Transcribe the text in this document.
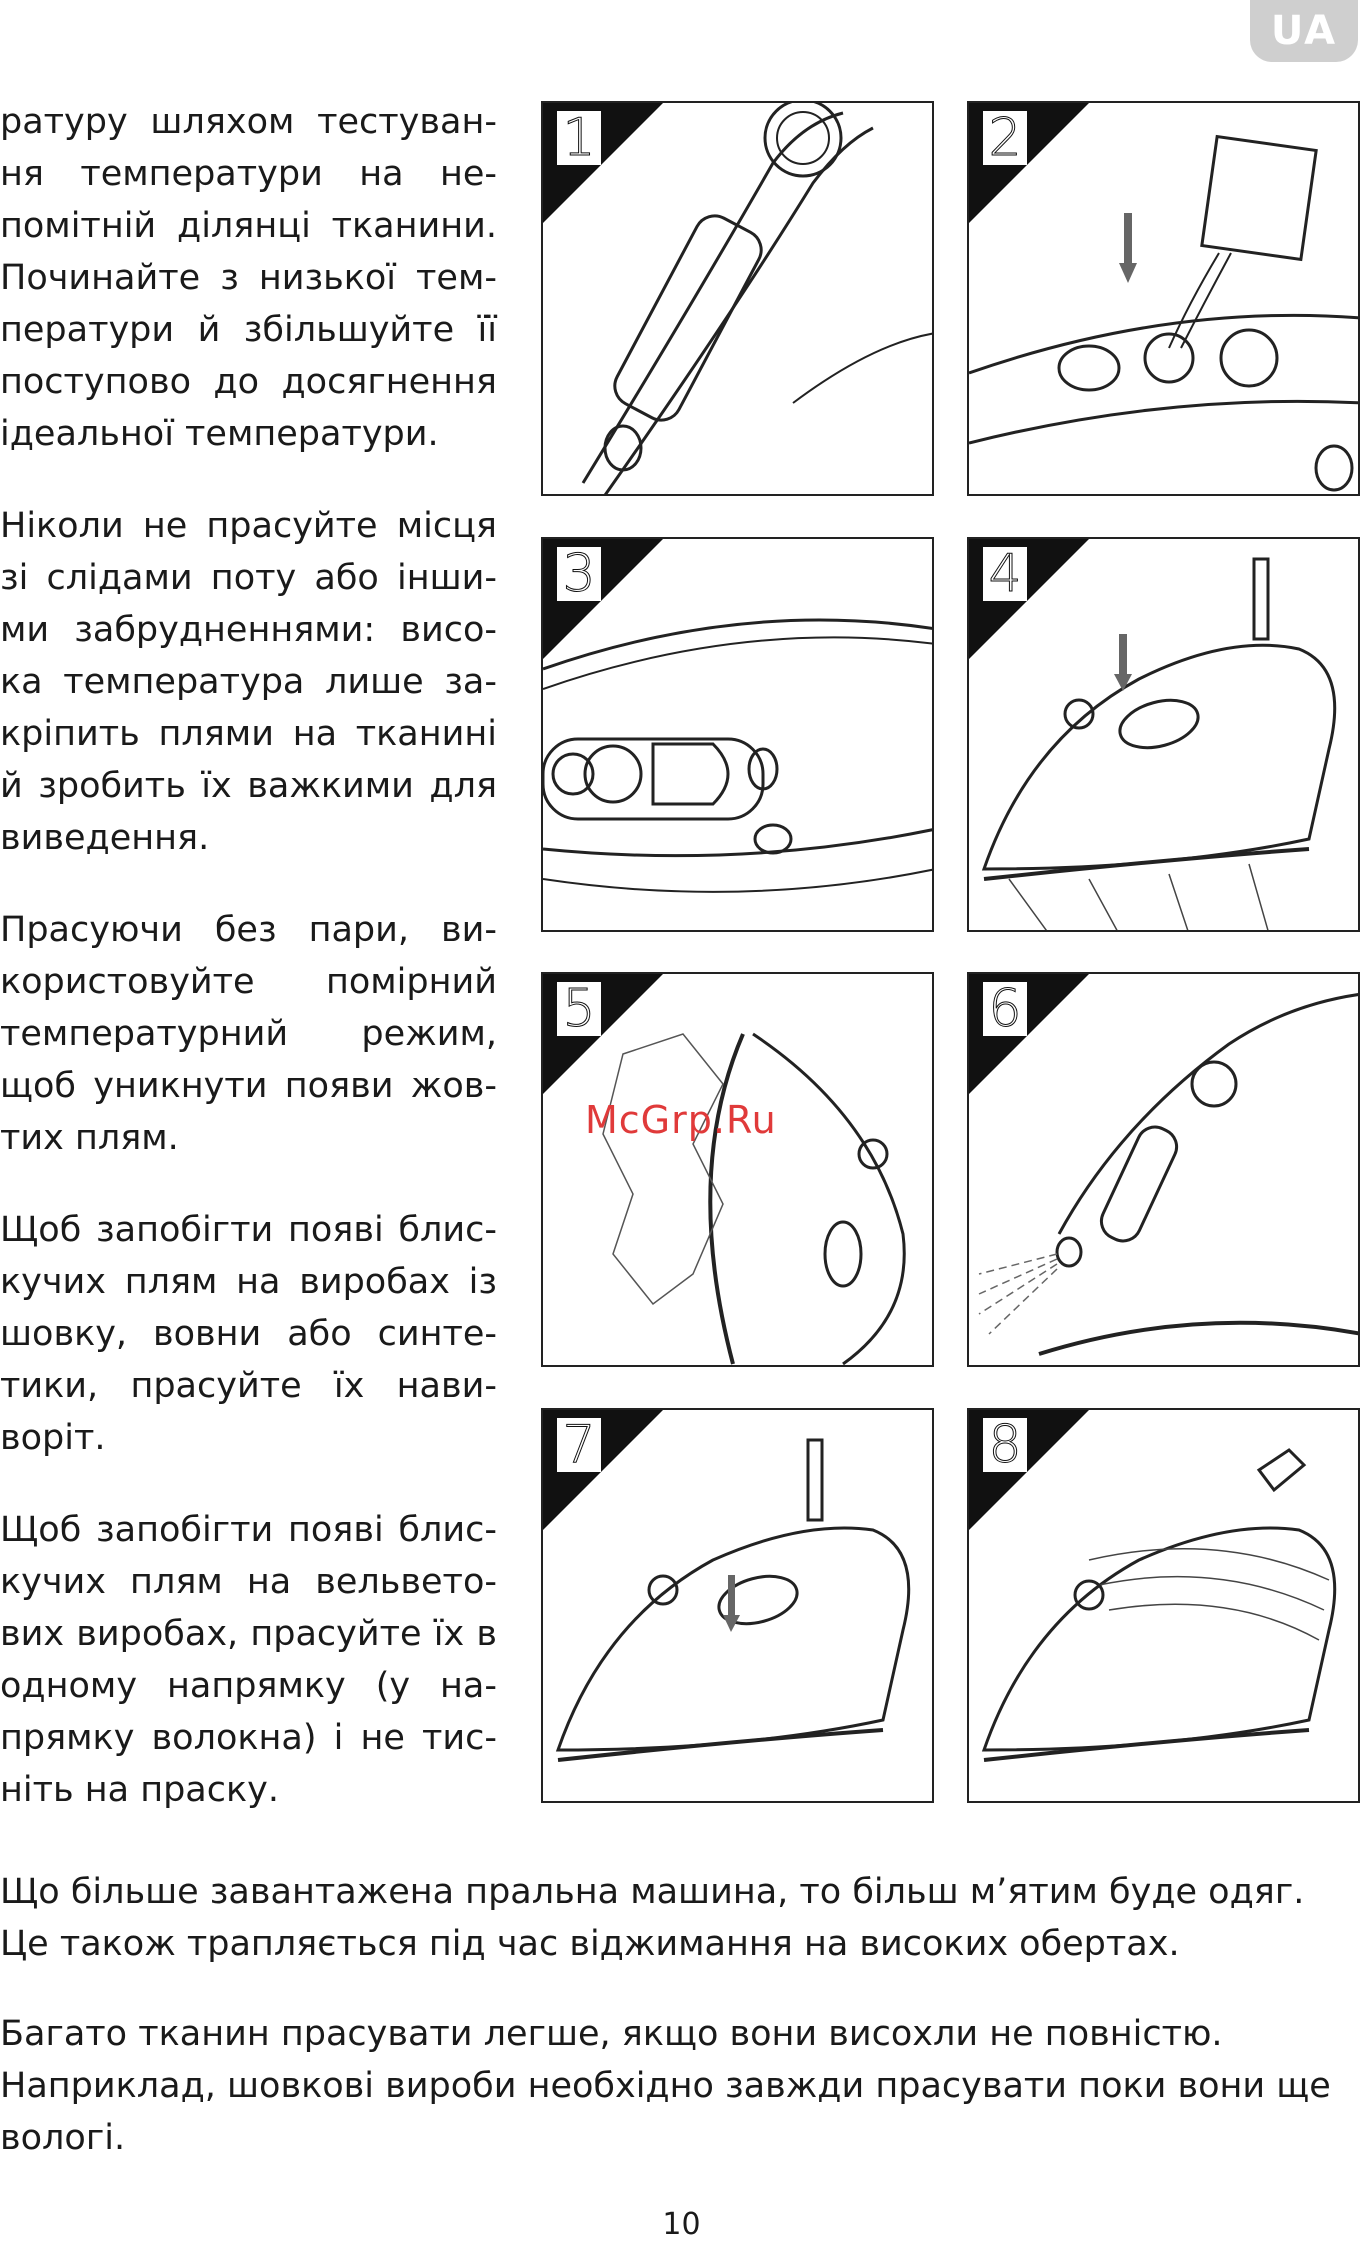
UA

ратуру шляхом тестуван-ня температури на не-помітній ділянці тканини. Починайте з низької тем-ператури й збільшуйте її поступово до досягнення ідеальної температури.

Ніколи не прасуйте місця зі слідами поту або інши-ми забрудненнями: висо-ка температура лише за-кріпить плями на тканині й зробить їх важкими для виведення.

Прасуючи без пари, ви-користовуйте помірний температурний режим, щоб уникнути появи жов-тих плям.

Щоб запобігти появі блис-кучих плям на виробах із шовку, вовни або синте-тики, прасуйте їх нави-воріт.

Щоб запобігти появі блис-кучих плям на вельвето-вих виробах, прасуйте їх в одному напрямку (у на-прямку волокна) і не тис-ніть на праску.

1	2
3	4
5	6
7	8
McGrp.Ru

Що більше завантажена пральна машина, то більш м’ятим буде одяг. Це також трапляється під час віджимання на високих обертах.

Багато тканин прасувати легше, якщо вони висохли не повністю. Наприклад, шовкові вироби необхідно завжди прасувати поки вони ще вологі.

10
